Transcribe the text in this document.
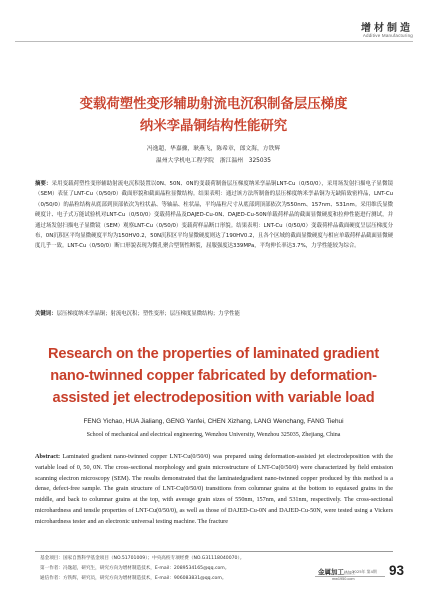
增材制造
Additive Manufacturing
变载荷塑性变形辅助射流电沉积制备层压梯度
纳米孪晶铜结构性能研究
冯逸超，华嘉骤，耿燕飞，陈希章，郎文海，方铁辉
温州大学机电工程学院　浙江温州　325035
摘要：采用变载荷塑性变形辅助射流电沉积装置以0N、50N、0N的变载荷制备层压梯度纳米孪晶铜LNT-Cu（0/50/0），采用场发射扫描电子显微镜（SEM）表征了LNT-Cu（0/50/0）截面形貌和截面晶粒显微结构。结果表明：通过该方法所制备的层压梯度纳米孪晶铜为无缺陷致密样品，LNT-Cu（0/50/0）的晶粒结构从底部到顶部依次为柱状晶、等轴晶、柱状晶，平均晶粒尺寸从底部到顶部依次为550nm、157nm、531nm。采用维氏显微硬度计、电子式万能试验机对LNT-Cu（0/50/0）变载荷样品及DAJED-Cu-0N、DAJED-Cu-50N单载荷样品的截面显微硬度和拉伸性能进行测试，并通过场发射扫描电子显微镜（SEM）观察LNT-Cu（0/50/0）变载荷样品断口形貌。结果表明：LNT-Cu（0/50/0）变载荷样品截面硬度呈层压梯度分布，0N沉积区平均显微硬度平均为150HV0.2，50N沉积区平均显微硬度则达了190HV0.2，且各个区域的截面显微硬度与相应单载荷样品截面显微硬度几乎一致。LNT-Cu（0/50/0）断口形貌表现为微孔聚合型韧性断裂，屈服强度达339MPa，平均伸长率达3.7%，力学性能较为综合。
关键词：层压梯度纳米孪晶铜；射流电沉积；塑性变形；层压梯度显微结构；力学性能
Research on the properties of laminated gradient
nano-twinned copper fabricated by deformation-
assisted jet electrodeposition with variable load
FENG Yichao, HUA Jialiang, GENG Yanfei, CHEN Xizhang, LANG Wenchang, FANG Tiehui
School of mechanical and electrical engineering, Wenzhou University, Wenzhou 325035, Zhejiang, China
Abstract: Laminated gradient nano-twinned copper LNT-Cu(0/50/0) was prepared using deformation-assisted jet electrodeposition with the variable load of 0, 50, 0N. The cross-sectional morphology and grain microstructure of LNT-Cu(0/50/0) were characterized by field emission scanning electron microscopy (SEM). The results demonstrated that the laminatedgradient nano-twinned copper produced by this method is a dense, defect-free sample. The grain structure of LNT-Cu(0/50/0) transitions from columnar grains at the bottom to equiaxed grains in the middle, and back to columnar grains at the top, with average grain sizes of 550nm, 157nm, and 531nm, respectively. The cross-sectional microhardness and tensile properties of LNT-Cu(0/50/0), as well as those of DAJED-Cu-0N and DAJED-Cu-50N, were tested using a Vickers microhardness tester and an electronic universal testing machine. The fracture
基金项目：国家自然科学基金项目（NO.51701009）；中央高校专项经费（NO.G31118040070）。
第一作者：冯逸超，研究生，研究方向为增材制造技术，E-mail：2089534165@qq.com。
通信作者：方铁辉，研究员，研究方向为增材制造技术，E-mail：906083831@qq.com。
金属加工热加工
2025年 第4期
mw1950.com
93
